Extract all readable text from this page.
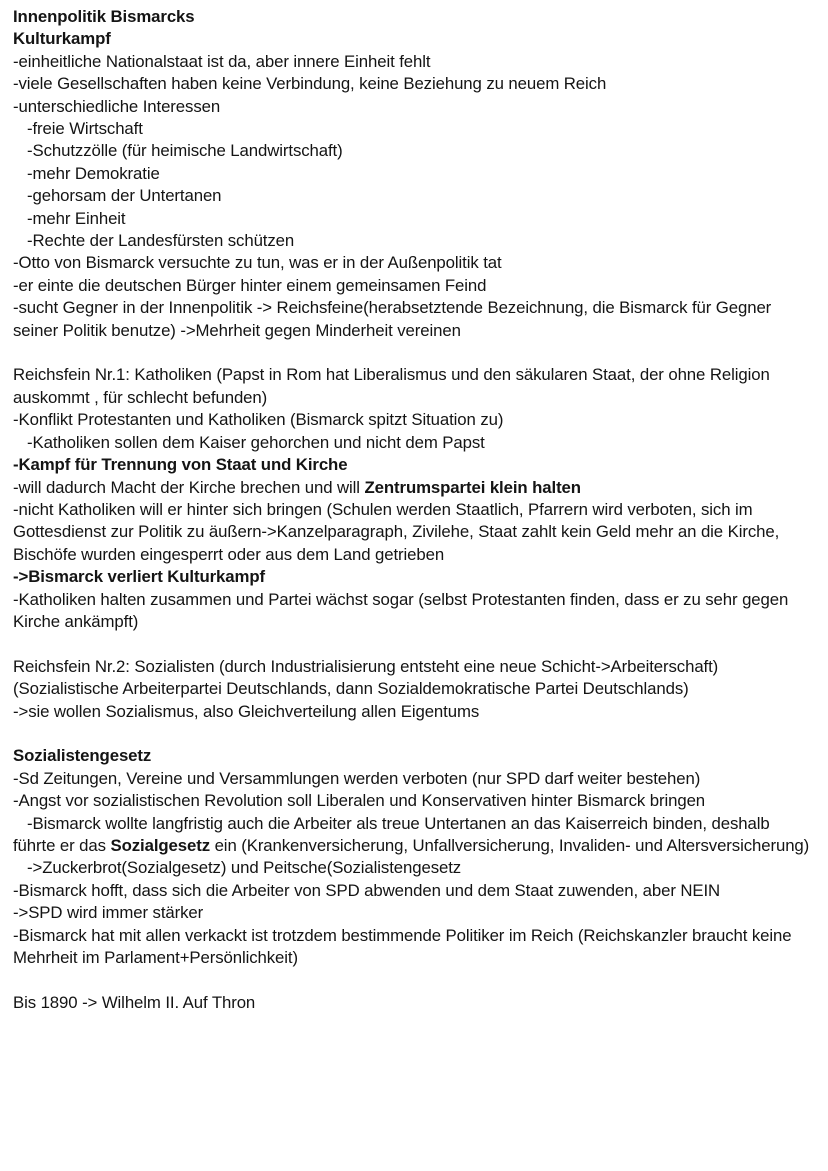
Innenpolitik Bismarcks
Kulturkampf
-einheitliche Nationalstaat ist da, aber innere Einheit fehlt
-viele Gesellschaften haben keine Verbindung, keine Beziehung zu neuem Reich
-unterschiedliche Interessen
-freie Wirtschaft
-Schutzzölle (für heimische Landwirtschaft)
-mehr Demokratie
-gehorsam der Untertanen
-mehr Einheit
-Rechte der Landesfürsten schützen
-Otto von Bismarck versuchte zu tun, was er in der Außenpolitik tat
-er einte die deutschen Bürger hinter einem gemeinsamen Feind
-sucht Gegner in der Innenpolitik -> Reichsfeine(herabsetztende Bezeichnung, die Bismarck für Gegner seiner Politik benutze) ->Mehrheit gegen Minderheit vereinen
Reichsfein Nr.1: Katholiken (Papst in Rom hat Liberalismus und den säkularen Staat, der ohne Religion auskommt , für schlecht befunden)
-Konflikt Protestanten und Katholiken (Bismarck spitzt Situation zu)
-Katholiken sollen dem Kaiser gehorchen und nicht dem Papst
-Kampf für Trennung von Staat und Kirche
-will dadurch Macht der Kirche brechen und will Zentrumspartei klein halten
-nicht Katholiken will er hinter sich bringen (Schulen werden Staatlich, Pfarrern wird verboten, sich im Gottesdienst zur Politik zu äußern->Kanzelparagraph, Zivilehe, Staat zahlt kein Geld mehr an die Kirche, Bischöfe wurden eingesperrt oder aus dem Land getrieben
->Bismarck verliert Kulturkampf
-Katholiken halten zusammen und Partei wächst sogar (selbst Protestanten finden, dass er zu sehr gegen Kirche ankämpft)
Reichsfein Nr.2: Sozialisten (durch Industrialisierung entsteht eine neue Schicht->Arbeiterschaft)
(Sozialistische Arbeiterpartei Deutschlands, dann Sozialdemokratische Partei Deutschlands)
->sie wollen Sozialismus, also Gleichverteilung allen Eigentums
Sozialistengesetz
-Sd Zeitungen, Vereine und Versammlungen werden verboten (nur SPD darf weiter bestehen)
-Angst vor sozialistischen Revolution soll Liberalen und Konservativen hinter Bismarck bringen
-Bismarck wollte langfristig auch die Arbeiter als treue Untertanen an das Kaiserreich binden, deshalb führte er das Sozialgesetz ein (Krankenversicherung, Unfallversicherung, Invaliden- und Altersversicherung)
->Zuckerbrot(Sozialgesetz) und Peitsche(Sozialistengesetz
-Bismarck hofft, dass sich die Arbeiter von SPD abwenden und dem Staat zuwenden, aber NEIN
->SPD wird immer stärker
-Bismarck hat mit allen verkackt ist trotzdem bestimmende Politiker im Reich (Reichskanzler braucht keine Mehrheit im Parlament+Persönlichkeit)
Bis 1890 -> Wilhelm II. Auf Thron
